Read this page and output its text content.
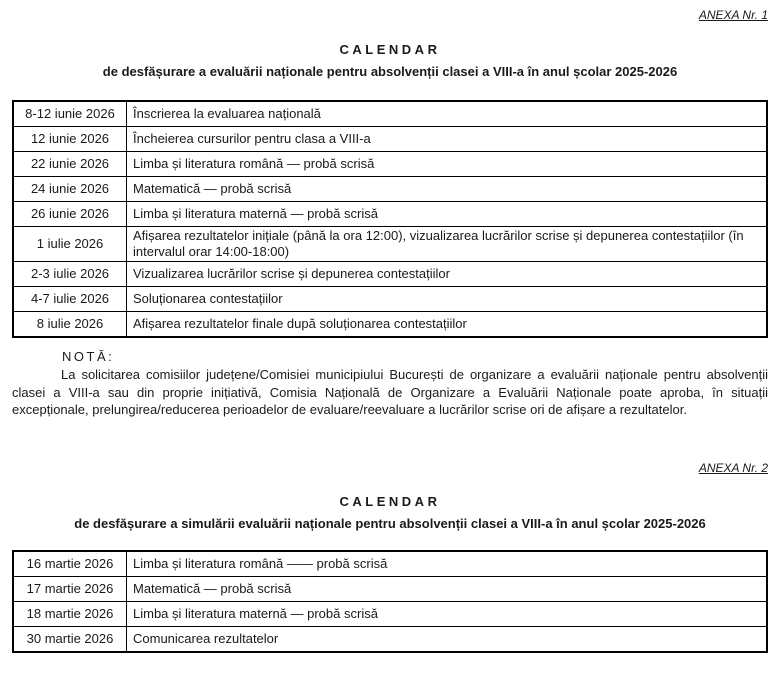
ANEXA Nr. 1
CALENDAR
de desfășurare a evaluării naționale pentru absolvenții clasei a VIII-a în anul școlar 2025-2026
8-12 iunie 2026	Înscrierea la evaluarea națională
12 iunie 2026	Încheierea cursurilor pentru clasa a VIII-a
22 iunie 2026	Limba și literatura română — probă scrisă
24 iunie 2026	Matematică — probă scrisă
26 iunie 2026	Limba și literatura maternă — probă scrisă
1 iulie 2026	Afișarea rezultatelor inițiale (până la ora 12:00), vizualizarea lucrărilor scrise și depunerea contestațiilor (în intervalul orar 14:00-18:00)
2-3 iulie 2026	Vizualizarea lucrărilor scrise și depunerea contestațiilor
4-7 iulie 2026	Soluționarea contestațiilor
8 iulie 2026	Afișarea rezultatelor finale după soluționarea contestațiilor
NOTĂ:

La solicitarea comisiilor județene/Comisiei municipiului București de organizare a evaluării naționale pentru absolvenții clasei a VIII-a sau din proprie inițiativă, Comisia Națională de Organizare a Evaluării Naționale poate aproba, în situații excepționale, prelungirea/reducerea perioadelor de evaluare/reevaluare a lucrărilor scrise ori de afișare a rezultatelor.

ANEXA Nr. 2
CALENDAR
de desfășurare a simulării evaluării naționale pentru absolvenții clasei a VIII-a în anul școlar 2025-2026
16 martie 2026	Limba și literatura română —— probă scrisă
17 martie 2026	Matematică — probă scrisă
18 martie 2026	Limba și literatura maternă — probă scrisă
30 martie 2026	Comunicarea rezultatelor
